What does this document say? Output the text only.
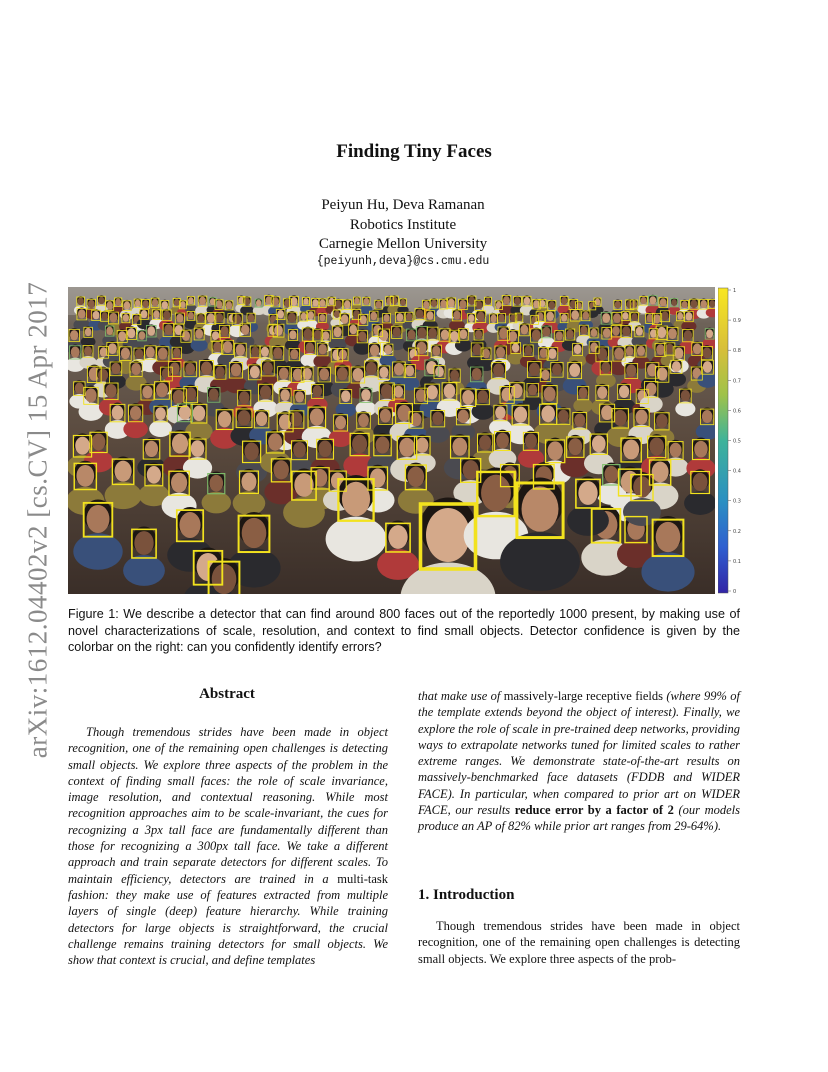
arXiv:1612.04402v2 [cs.CV] 15 Apr 2017
Finding Tiny Faces
Peiyun Hu, Deva Ramanan
Robotics Institute
Carnegie Mellon University
{peiyunh,deva}@cs.cmu.edu
1
0.9
0.8
0.7
0.6
0.5
0.4
0.3
0.2
0.1
0
Figure 1: We describe a detector that can find around 800 faces out of the reportedly 1000 present, by making use of novel characterizations of scale, resolution, and context to find small objects. Detector confidence is given by the colorbar on the right: can you confidently identify errors?
Abstract

Though tremendous strides have been made in object recognition, one of the remaining open challenges is detecting small objects. We explore three aspects of the problem in the context of finding small faces: the role of scale invariance, image resolution, and contextual reasoning. While most recognition approaches aim to be scale-invariant, the cues for recognizing a 3px tall face are fundamentally different than those for recognizing a 300px tall face. We take a different approach and train separate detectors for different scales. To maintain efficiency, detectors are trained in a multi-task fashion: they make use of features extracted from multiple layers of single (deep) feature hierarchy. While training detectors for large objects is straightforward, the crucial challenge remains training detectors for small objects. We show that context is crucial, and define templates

that make use of massively-large receptive fields (where 99% of the template extends beyond the object of interest). Finally, we explore the role of scale in pre-trained deep networks, providing ways to extrapolate networks tuned for limited scales to rather extreme ranges. We demonstrate state-of-the-art results on massively-benchmarked face datasets (FDDB and WIDER FACE). In particular, when compared to prior art on WIDER FACE, our results reduce error by a factor of 2 (our models produce an AP of 82% while prior art ranges from 29-64%).
1. Introduction

Though tremendous strides have been made in object recognition, one of the remaining open challenges is detecting small objects. We explore three aspects of the prob-
